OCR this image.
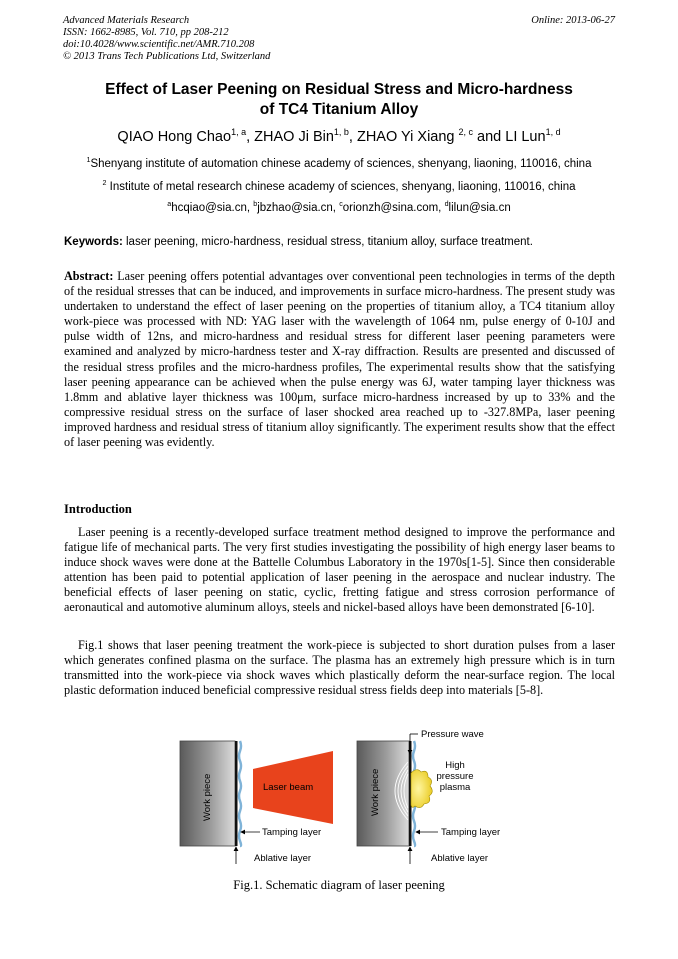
Advanced Materials Research
ISSN: 1662-8985, Vol. 710, pp 208-212
doi:10.4028/www.scientific.net/AMR.710.208
© 2013 Trans Tech Publications Ltd, Switzerland
Online: 2013-06-27
Effect of Laser Peening on Residual Stress and Micro-hardness
of TC4 Titanium Alloy
QIAO Hong Chao$^{1, a}$, ZHAO Ji Bin$^{1, b}$, ZHAO Yi Xiang $^{2, c}$ and LI Lun$^{1, d}$
$^1$Shenyang institute of automation chinese academy of sciences, shenyang, liaoning, 110016, china
$^2$ Institute of metal research chinese academy of sciences, shenyang, liaoning, 110016, china
$^a$hcqiao@sia.cn, $^b$jbzhao@sia.cn, $^c$orionzh@sina.com, $^d$lilun@sia.cn
Keywords: laser peening, micro-hardness, residual stress, titanium alloy, surface treatment.
Abstract: Laser peening offers potential advantages over conventional peen technologies in terms of the depth of the residual stresses that can be induced, and improvements in surface micro-hardness. The present study was undertaken to understand the effect of laser peening on the properties of titanium alloy, a TC4 titanium alloy work-piece was processed with ND: YAG laser with the wavelength of 1064 nm, pulse energy of 0-10J and pulse width of 12ns, and micro-hardness and residual stress for different laser peening parameters were examined and analyzed by micro-hardness tester and X-ray diffraction. Results are presented and discussed of the residual stress profiles and the micro-hardness profiles, The experimental results show that the satisfying laser peening appearance can be achieved when the pulse energy was 6J, water tamping layer thickness was 1.8mm and ablative layer thickness was 100μm, surface micro-hardness increased by up to 33% and the compressive residual stress on the surface of laser shocked area reached up to -327.8MPa, laser peening improved hardness and residual stress of titanium alloy significantly. The experiment results show that the effect of laser peening was evidently.
Introduction
Laser peening is a recently-developed surface treatment method designed to improve the performance and fatigue life of mechanical parts. The very first studies investigating the possibility of high energy laser beams to induce shock waves were done at the Battelle Columbus Laboratory in the 1970s[1-5]. Since then considerable attention has been paid to potential application of laser peening in the aerospace and nuclear industry. The beneficial effects of laser peening on static, cyclic, fretting fatigue and stress corrosion performance of aeronautical and automotive aluminum alloys, steels and nickel-based alloys have been demonstrated [6-10].
Fig.1 shows that laser peening treatment the work-piece is subjected to short duration pulses from a laser which generates confined plasma on the surface. The plasma has an extremely high pressure which is in turn transmitted into the work-piece via shock waves which plastically deform the near-surface region. The local plastic deformation induced beneficial compressive residual stress fields deep into materials [5-8].
Work piece	Laser beam
Tamping layer
Ablative layer
Work piece
Pressure wave
High
pressure
plasma
Tamping layer
Ablative layer
Fig.1. Schematic diagram of laser peening
